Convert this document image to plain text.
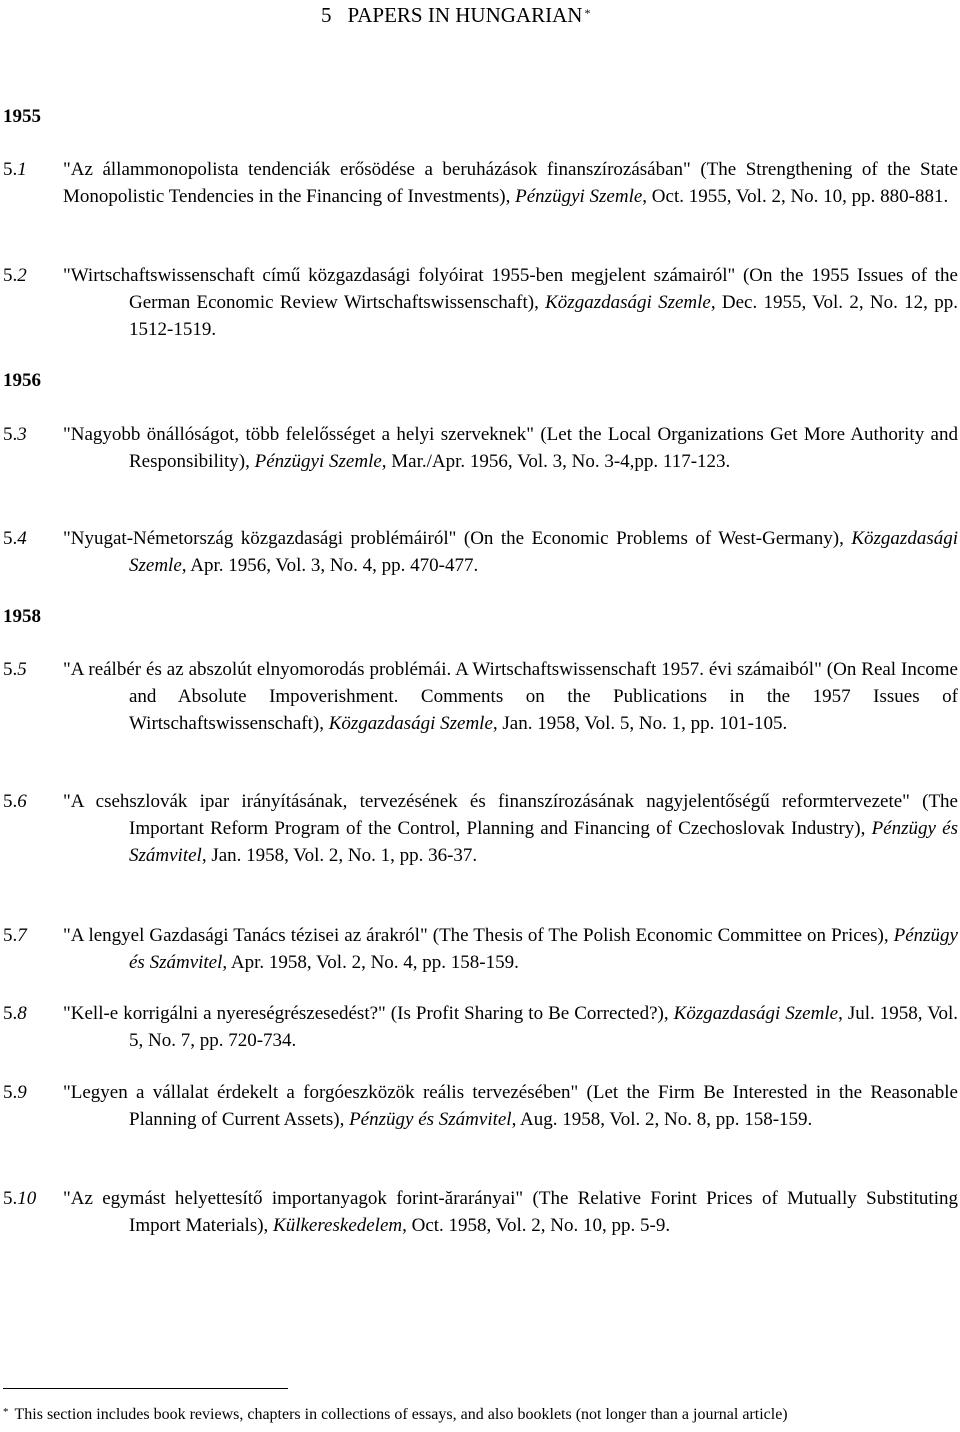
5 PAPERS IN HUNGARIAN *
1955
5.1 "Az állammonopolista tendenciák erősödése a beruházások finanszírozásában" (The Strengthening of the State Monopolistic Tendencies in the Financing of Investments), Pénzügyi Szemle, Oct. 1955, Vol. 2, No. 10, pp. 880-881.
5.2 "Wirtschaftswissenschaft című közgazdasági folyóirat 1955-ben megjelent számairól" (On the 1955 Issues of the German Economic Review Wirtschaftswissenschaft), Közgazdasági Szemle, Dec. 1955, Vol. 2, No. 12, pp. 1512-1519.
1956
5.3 "Nagyobb önállóságot, több felelősséget a helyi szerveknek" (Let the Local Organizations Get More Authority and Responsibility), Pénzügyi Szemle, Mar./Apr. 1956, Vol. 3, No. 3-4,pp. 117-123.
5.4 "Nyugat-Németország közgazdasági problémáiról" (On the Economic Problems of West-Germany), Közgazdasági Szemle, Apr. 1956, Vol. 3, No. 4, pp. 470-477.
1958
5.5 "A reálbér és az abszolút elnyomorodás problémái. A Wirtschaftswissenschaft 1957. évi számaiból" (On Real Income and Absolute Impoverishment. Comments on the Publications in the 1957 Issues of Wirtschaftswissenschaft), Közgazdasági Szemle, Jan. 1958, Vol. 5, No. 1, pp. 101-105.
5.6 "A csehszlovák ipar irányításának, tervezésének és finanszírozásának nagyjelentőségű reformtervezete" (The Important Reform Program of the Control, Planning and Financing of Czechoslovak Industry), Pénzügy és Számvitel, Jan. 1958, Vol. 2, No. 1, pp. 36-37.
5.7 "A lengyel Gazdasági Tanács tézisei az árakról" (The Thesis of The Polish Economic Committee on Prices), Pénzügy és Számvitel, Apr. 1958, Vol. 2, No. 4, pp. 158-159.
5.8 "Kell-e korrigálni a nyereségrészesedést?" (Is Profit Sharing to Be Corrected?), Közgazdasági Szemle, Jul. 1958, Vol. 5, No. 7, pp. 720-734.
5.9 "Legyen a vállalat érdekelt a forgóeszközök reális tervezésében" (Let the Firm Be Interested in the Reasonable Planning of Current Assets), Pénzügy és Számvitel, Aug. 1958, Vol. 2, No. 8, pp. 158-159.
5.10 "Az egymást helyettesítő importanyagok forint-ărarányai" (The Relative Forint Prices of Mutually Substituting Import Materials), Külkereskedelem, Oct. 1958, Vol. 2, No. 10, pp. 5-9.
* This section includes book reviews, chapters in collections of essays, and also booklets (not longer than a journal article)
